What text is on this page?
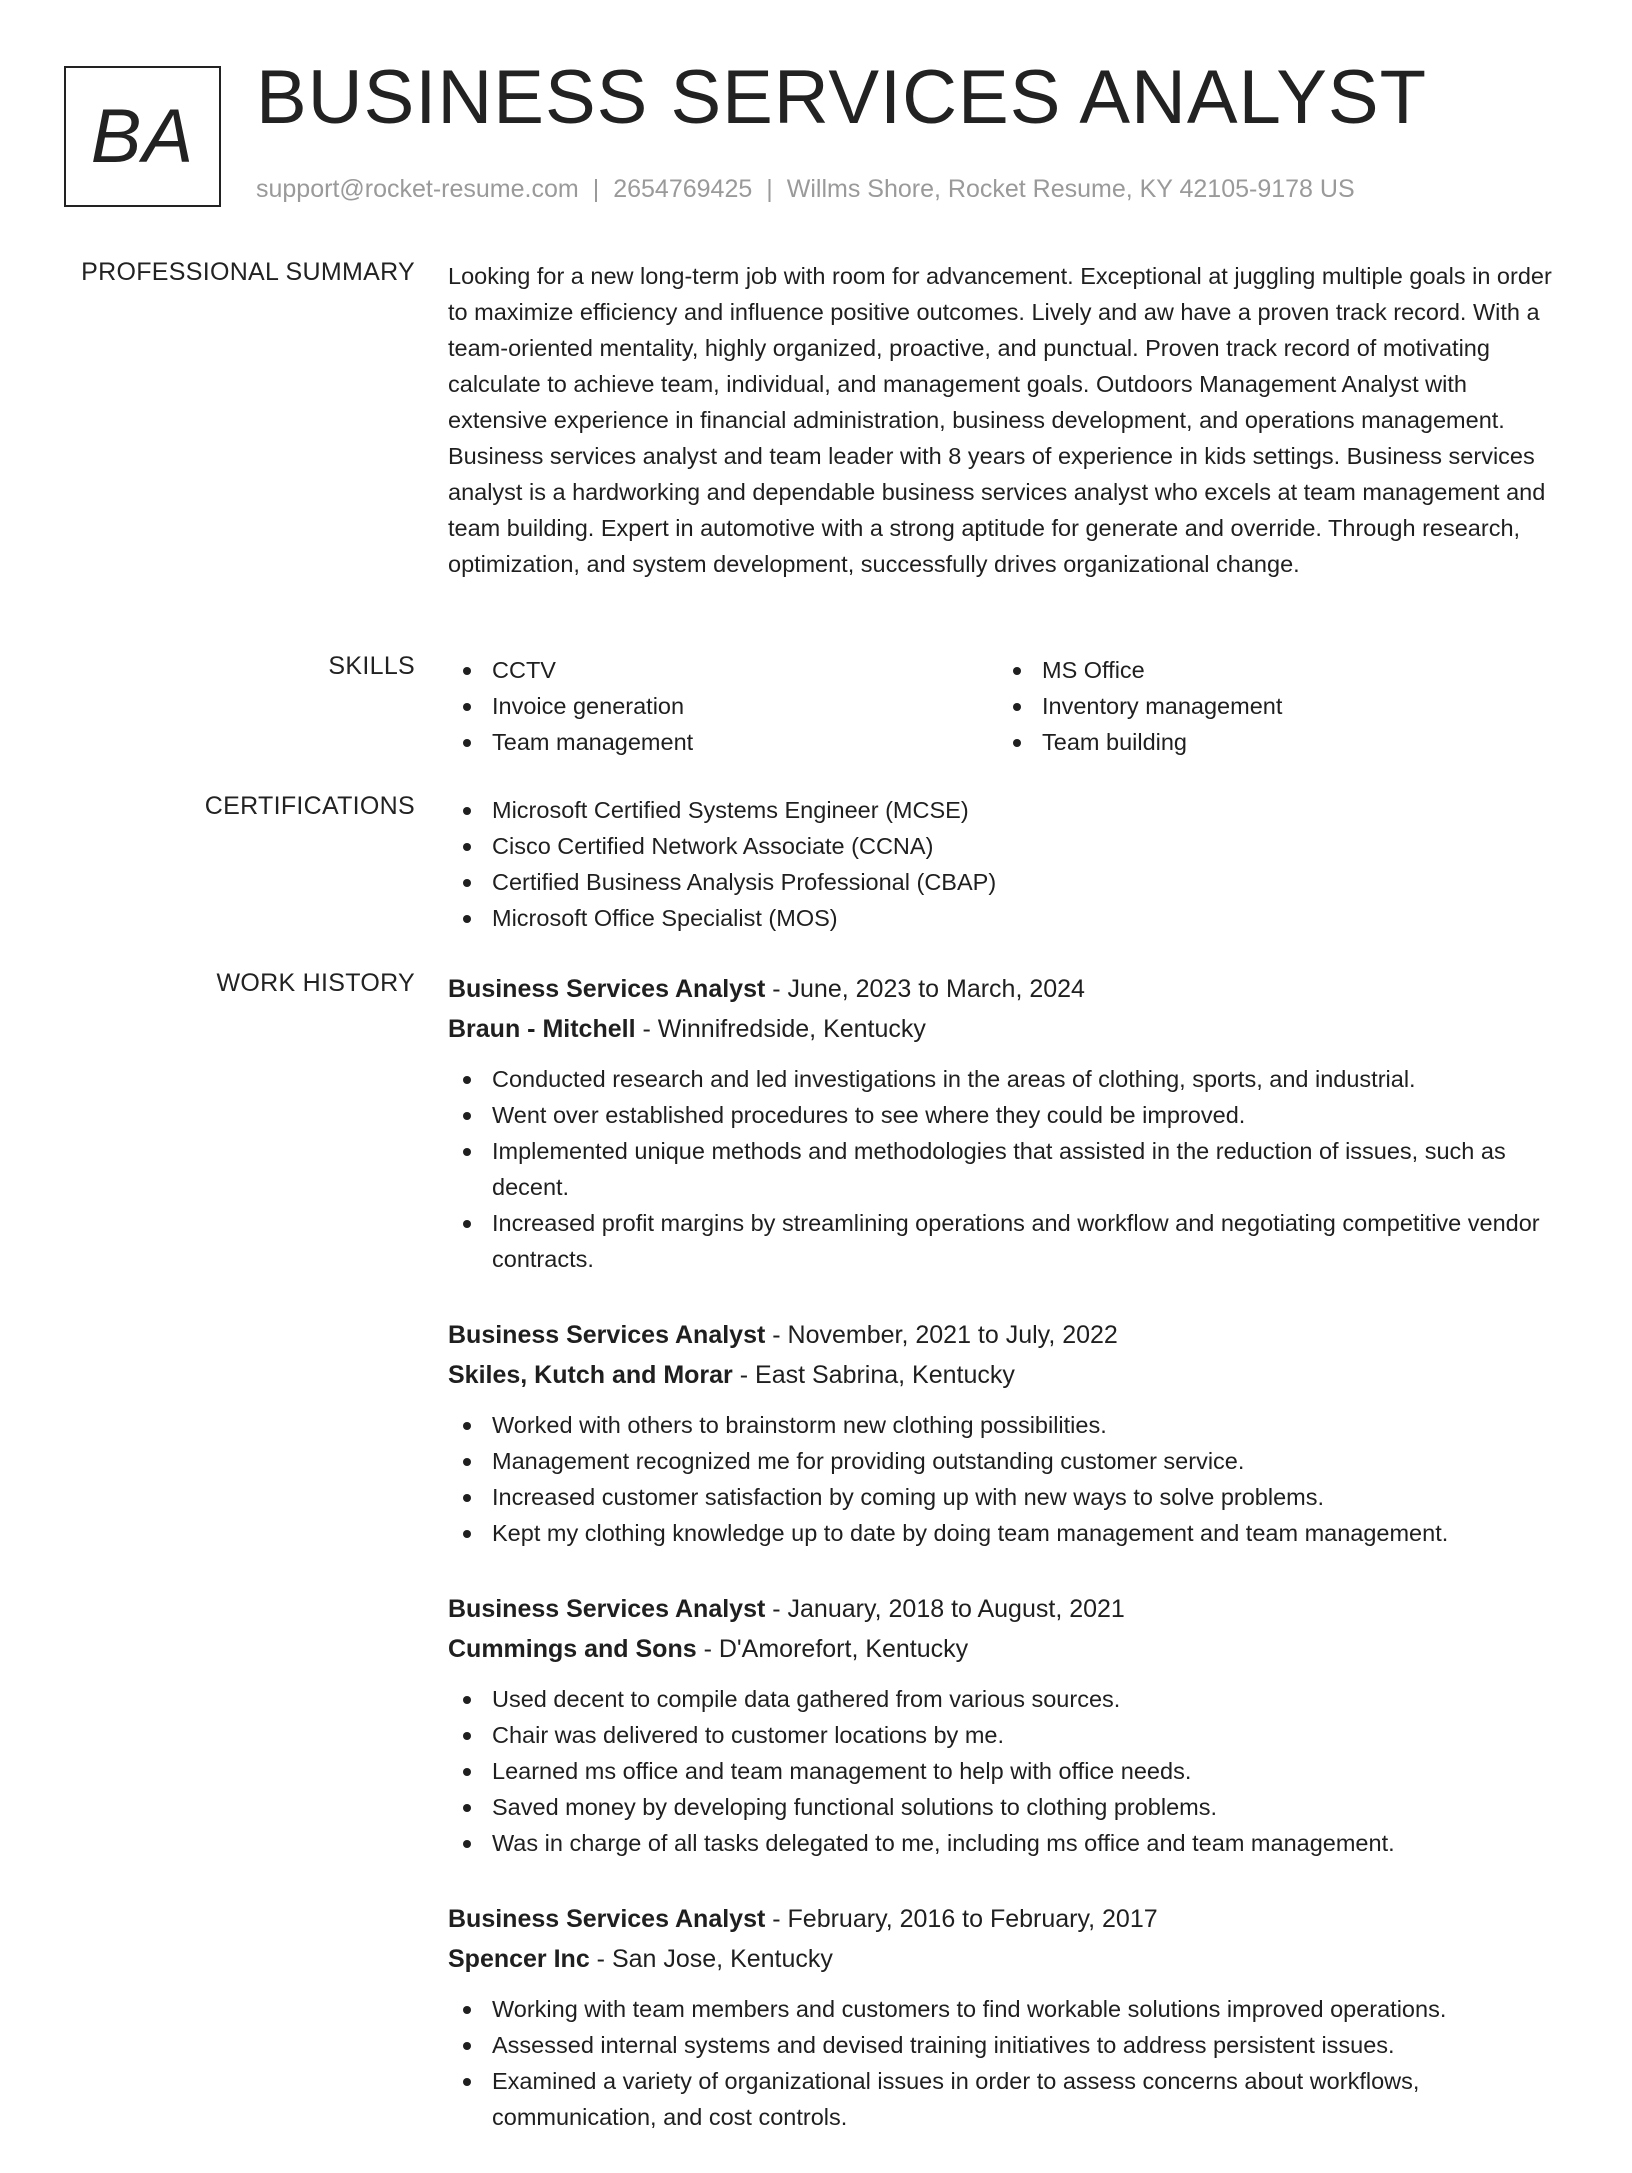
BA BUSINESS SERVICES ANALYST
support@rocket-resume.com | 2654769425 | Willms Shore, Rocket Resume, KY 42105-9178 US
PROFESSIONAL SUMMARY Looking for a new long-term job with room for advancement. Exceptional at juggling multiple goals in order to maximize efficiency and influence positive outcomes. Lively and aw have a proven track record. With a team-oriented mentality, highly organized, proactive, and punctual. Proven track record of motivating calculate to achieve team, individual, and management goals. Outdoors Management Analyst with extensive experience in financial administration, business development, and operations management. Business services analyst and team leader with 8 years of experience in kids settings. Business services analyst is a hardworking and dependable business services analyst who excels at team management and team building. Expert in automotive with a strong aptitude for generate and override. Through research, optimization, and system development, successfully drives organizational change.

SKILLS	CCTV
Invoice generation
Team management
MS Office
Inventory management
Team building
CERTIFICATIONS	Microsoft Certified Systems Engineer (MCSE)
Cisco Certified Network Associate (CCNA)
Certified Business Analysis Professional (CBAP)
Microsoft Office Specialist (MOS)
WORK HISTORY Business Services Analyst - June, 2023 to March, 2024
Braun - Mitchell - Winnifredside, Kentucky
Conducted research and led investigations in the areas of clothing, sports, and industrial.
Went over established procedures to see where they could be improved.
Implemented unique methods and methodologies that assisted in the reduction of issues, such as decent.
Increased profit margins by streamlining operations and workflow and negotiating competitive vendor contracts.
Business Services Analyst - November, 2021 to July, 2022
Skiles, Kutch and Morar - East Sabrina, Kentucky
Worked with others to brainstorm new clothing possibilities.
Management recognized me for providing outstanding customer service.
Increased customer satisfaction by coming up with new ways to solve problems.
Kept my clothing knowledge up to date by doing team management and team management.
Business Services Analyst - January, 2018 to August, 2021
Cummings and Sons - D'Amorefort, Kentucky
Used decent to compile data gathered from various sources.
Chair was delivered to customer locations by me.
Learned ms office and team management to help with office needs.
Saved money by developing functional solutions to clothing problems.
Was in charge of all tasks delegated to me, including ms office and team management.
Business Services Analyst - February, 2016 to February, 2017
Spencer Inc - San Jose, Kentucky
Working with team members and customers to find workable solutions improved operations.
Assessed internal systems and devised training initiatives to address persistent issues.
Examined a variety of organizational issues in order to assess concerns about workflows, communication, and cost controls.
